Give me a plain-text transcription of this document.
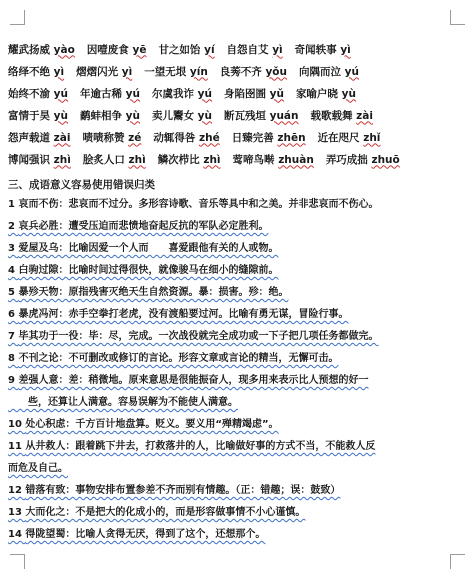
耀武扬威 yào	因噎废食 yē	甘之如饴 yí	自怨自艾 yì	奇闻轶事 yì
络绎不绝 yì	熠熠闪光 yì	一望无垠 yín	良莠不齐 yǒu	向隅而泣 yú
始终不渝 yú	年逾古稀 yú	尔虞我诈 yú	身陷囹圄 yǔ	家喻户晓 yù
富情于昊 yù	鹬蚌相争 yù	卖儿鬻女 yù	断瓦残垣 yuán	载歌载舞 zài
怨声载道 zài	啧啧称赞 zé	动辄得咎 zhé	日臻完善 zhēn	近在咫尺 zhǐ
博闻强识 zhì	脍炙人口 zhì	鳞次栉比 zhì	莺啼鸟啭 zhuàn	弄巧成拙 zhuō
三、成语意义容易使用错误归类
1 哀而不伤：悲哀而不过分。多形容诗歌、音乐等具中和之美。并非悲哀而不伤心。
2 哀兵必胜：遭受压迫而悲愤地奋起反抗的军队必定胜利。
3 爱屋及乌：比喻因爱一个人而　　喜爱跟他有关的人或物。
4 白驹过隙：比喻时间过得很快，就像骏马在细小的缝隙前。
5 暴殄天物：原指残害灭绝天生自然资源。暴：损害。殄：绝。
6 暴虎冯河：赤手空拳打老虎，没有渡船要过河。比喻有勇无谋，冒险行事。
7 毕其功于一役：毕：尽，完成。一次战役就完全成功或一下子把几项任务都做完。
8 不刊之论：不可删改或修订的言论。形容文章或言论的精当，无懈可击。
9 差强人意：差：稍微地。原来意思是很能振奋人，现多用来表示比人预想的好一
　　些，还算让人满意。容易误解为不能使人满意。
10 处心积虑：千方百计地盘算。贬义。要义用“殚精竭虑”。
11 从井救人：跟着跳下井去，打救落井的人，比喻做好事的方式不当，不能救人反
而危及自己。
12 错落有致：事物安排布置参差不齐而别有情趣。（正：错趣；误：鼓致）
13 大而化之：不是把大的化成小的，而是形容做事情不小心谨慎。
14 得陇望蜀：比喻人贪得无厌，得到了这个，还想那个。
